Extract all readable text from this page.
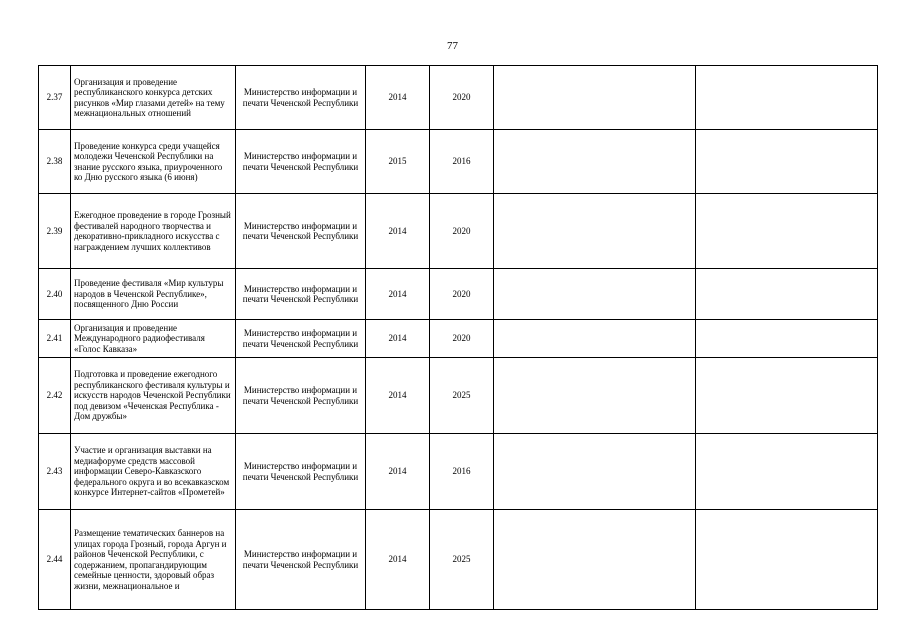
77
2.37	Организация и проведение республиканского конкурса детских рисунков «Мир глазами детей» на тему межнациональных отношений	Министерство информации и печати Чеченской Республики	2014	2020		
2.38	Проведение конкурса среди учащейся молодежи Чеченской Республики на знание русского языка, приуроченного ко Дню русского языка (6 июня)	Министерство информации и печати Чеченской Республики	2015	2016		
2.39	Ежегодное проведение в городе Грозный фестивалей народного творчества и декоративно-прикладного искусства с награждением лучших коллективов	Министерство информации и печати Чеченской Республики	2014	2020		
2.40	Проведение фестиваля «Мир культуры народов в Чеченской Республике», посвященного Дню России	Министерство информации и печати Чеченской Республики	2014	2020		
2.41	Организация и проведение Международного радиофестиваля «Голос Кавказа»	Министерство информации и печати Чеченской Республики	2014	2020		
2.42	Подготовка и проведение ежегодного республиканского фестиваля культуры и искусств народов Чеченской Республики под девизом «Чеченская Республика - Дом дружбы»	Министерство информации и печати Чеченской Республики	2014	2025		
2.43	Участие и организация выставки на медиафоруме средств массовой информации Северо-Кавказского федерального округа и во всекавказском конкурсе Интернет-сайтов «Прометей»	Министерство информации и печати Чеченской Республики	2014	2016		
2.44	Размещение тематических баннеров на улицах города Грозный, города Аргун и районов Чеченской Республики, с содержанием, пропагандирующим семейные ценности, здоровый образ жизни, межнациональное и	Министерство информации и печати Чеченской Республики	2014	2025		
